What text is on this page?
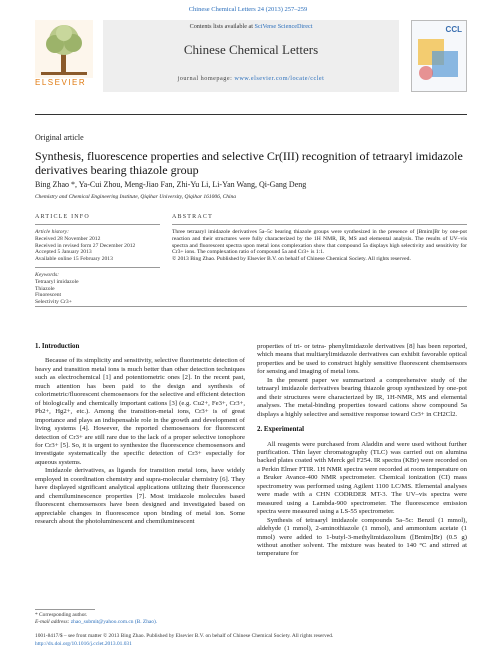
Chinese Chemical Letters 24 (2013) 257–259
ELSEVIER
Contents lists available at SciVerse ScienceDirect
Chinese Chemical Letters
journal homepage: www.elsevier.com/locate/cclet
CCL
Original article
Synthesis, fluorescence properties and selective Cr(III) recognition of tetraaryl imidazole derivatives bearing thiazole group
Bing Zhao *, Ya-Cui Zhou, Meng-Jiao Fan, Zhi-Yu Li, Li-Yan Wang, Qi-Gang Deng
Chemistry and Chemical Engineering Institute, Qiqihar University, Qiqihar 161006, China
ARTICLE INFO
Article history:
Received 28 November 2012
Received in revised form 27 December 2012
Accepted 5 January 2013
Available online 15 February 2013
Keywords:
Tetraaryl imidazole
Thiazole
Fluorescent
Selectivity Cr3+
ABSTRACT
Three tetraaryl imidazole derivatives 5a–5c bearing thiazole groups were synthesized in the presence of [Bmim]Br by one-pot reaction and their structures were fully characterized by the 1H NMR, IR, MS and elemental analysis. The results of UV–vis spectra and fluorescent spectra upon metal ions complexation show that compound 5a displays high selectivity and sensitivity for Cr3+ ions. The complexation ratio of compound 5a and Cr3+ is 1:1.
© 2013 Bing Zhao. Published by Elsevier B.V. on behalf of Chinese Chemical Society. All rights reserved.
1. Introduction

Because of its simplicity and sensitivity, selective fluorimetric detection of heavy and transition metal ions is much better than other detection techniques such as electrochemical [1] and potentiometric ones [2]. In the recent past, much attention has been paid to the design and synthesis of colorimetric/fluorescent chemosensors for the selective and efficient detection of biologically and chemically important cations [3] (e.g. Cu2+, Fe3+, Cr3+, Pb2+, Hg2+, etc.). Among the transition-metal ions, Cr3+ is of great importance and plays an indispensable role in the growth and development of living systems [4]. However, the reported chemosensors for fluorescent detection of Cr3+ are still rare due to the lack of a proper selective ionophore for Cr3+ [5]. So, it is urgent to synthesize the fluorescence chemosensors and investigate systematically the specific detection of Cr3+ especially for aqueous systems.

Imidazole derivatives, as ligands for transition metal ions, have widely employed in coordination chemistry and supra-molecular chemistry [6]. They have displayed significant analytical applications utilizing their fluorescence and chemiluminescence properties [7]. Most imidazole molecules based fluorescent chemosensors have been designed and investigated based on appreciable changes in fluorescence upon binding of metal ion. Some research about the photoluminescent and chemiluminescent

properties of tri- or tetra- phenylimidazole derivatives [8] has been reported, which means that multiarylimidazole derivatives can exhibit favorable optical properties and be used to construct highly sensitive fluorescent chemisensors for sensing and imaging of metal ions.

In the present paper we summarized a comprehensive study of the tetraaryl imidazole derivatives bearing thiazole group synthesized by one-pot and their structures were characterized by IR, 1H-NMR, MS and elemental analyses. The metal-binding properties toward cations show compound 5a displays a highly selective and sensitive response toward Cr3+ in CH2Cl2.

2. Experimental

All reagents were purchased from Aladdin and were used without further purification. Thin layer chromatography (TLC) was carried out on alumina backed plates coated with Merck gel F254. IR spectra (KBr) were recorded on a Perkin Elmer FTIR. 1H NMR spectra were recorded at room temperature on a Bruker Avance-400 NMR spectrometer. Chemical ionization (CI) mass spectrometry was performed using Agilent 1100 LC/MS. Elemental analyses were made with a CHN CODRDER MT-3. The UV–vis spectra were measured using a Lambda-900 spectrometer. The fluorescence emission spectra were measured using a LS-55 spectrometer.

Synthesis of tetraaryl imidazole compounds 5a–5c: Benzil (1 mmol), aldehyde (1 mmol), 2-aminothiazole (1 mmol), and ammonium acetate (1 mmol) were added to 1-butyl-3-methylimidazolium ([Bmim]Br) (0.5 g) without another solvent. The mixture was heated to 140 °C and stirred at temperature for

* Corresponding author.
E-mail address: zhao_submit@yahoo.com.cn (B. Zhao).
1001-8417/$ – see front matter © 2013 Bing Zhao. Published by Elsevier B.V. on behalf of Chinese Chemical Society. All rights reserved.
http://dx.doi.org/10.1016/j.cclet.2013.01.031
